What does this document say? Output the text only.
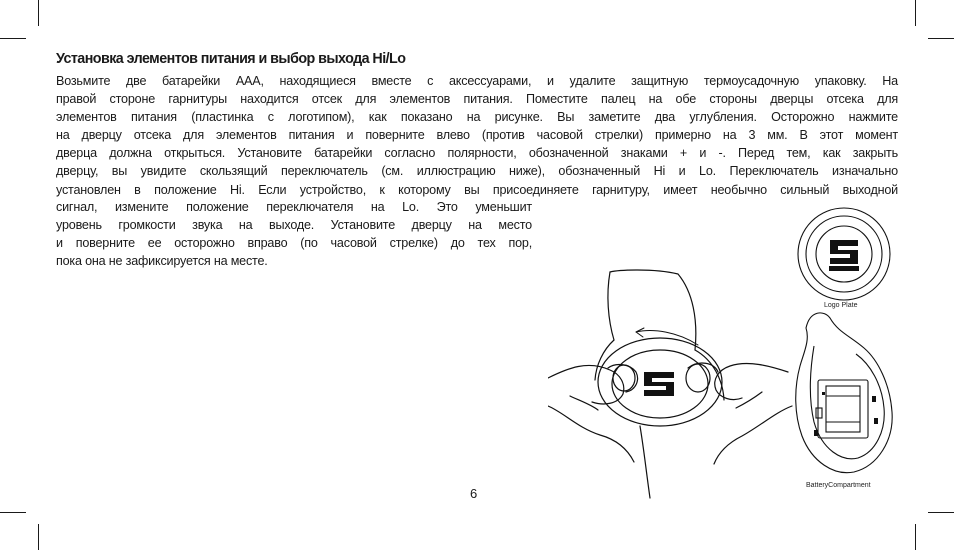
Установка элементов питания и выбор выхода Hi/Lo
Возьмите две батарейки ААА, находящиеся вместе с аксессуарами, и удалите защитную термоусадочную упаковку. На
правой стороне гарнитуры находится отсек для элементов питания. Поместите палец на обе стороны дверцы отсека для
элементов питания (пластинка с логотипом), как показано на рисунке. Вы заметите два углубления. Осторожно нажмите
на дверцу отсека для элементов питания и поверните влево (против часовой стрелки) примерно на 3 мм. В этот момент
дверца должна открыться. Установите батарейки согласно полярности, обозначенной знаками + и -. Перед тем, как закрыть
дверцу, вы увидите скользящий переключатель (см. иллюстрацию ниже), обозначенный Hi и Lo. Переключатель изначально
установлен в положение Hi. Если устройство, к которому вы присоединяете гарнитуру, имеет необычно сильный выходной
сигнал, измените положение переключателя на Lo. Это уменьшит
уровень громкости звука на выходе. Установите дверцу на место
и поверните ее осторожно вправо (по часовой стрелке) до тех пор,
пока она не зафиксируется на месте.
Logo Plate
BatteryCompartment
6
